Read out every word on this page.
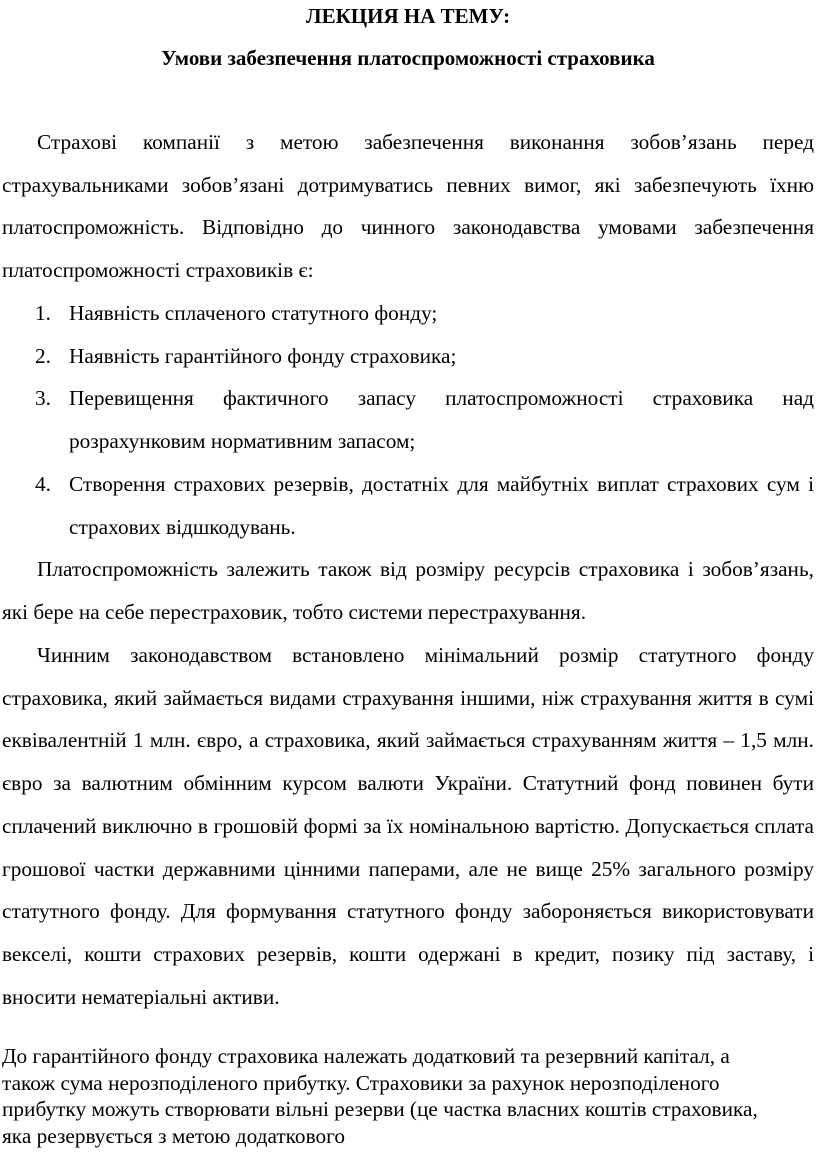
ЛЕКЦИЯ НА ТЕМУ:
Умови забезпечення платоспроможності страховика

Страхові компанії з метою забезпечення виконання зобов’язань перед страхувальниками зобов’язані дотримуватись певних вимог, які забезпечують їхню платоспроможність. Відповідно до чинного законодавства умовами забезпечення платоспроможності страховиків є:

1. Наявність сплаченого статутного фонду;
2. Наявність гарантійного фонду страховика;
3. Перевищення фактичного запасу платоспроможності страховика над розрахунковим нормативним запасом;
4. Створення страхових резервів, достатніх для майбутніх виплат страхових сум і страхових відшкодувань.

Платоспроможність залежить також від розміру ресурсів страховика і зобов’язань, які бере на себе перестраховик, тобто системи перестрахування.

Чинним законодавством встановлено мінімальний розмір статутного фонду страховика, який займається видами страхування іншими, ніж страхування життя в сумі еквівалентній 1 млн. євро, а страховика, який займається страхуванням життя – 1,5 млн. євро за валютним обмінним курсом валюти України. Статутний фонд повинен бути сплачений виключно в грошовій формі за їх номінальною вартістю. Допускається сплата грошової частки державними цінними паперами, але не вище 25% загального розміру статутного фонду. Для формування статутного фонду забороняється використовувати векселі, кошти страхових резервів, кошти одержані в кредит, позику під заставу, і вносити нематеріальні активи.

До гарантійного фонду страховика належать додатковий та резервний капітал, а також сума нерозподіленого прибутку. Страховики за рахунок нерозподіленого прибутку можуть створювати вільні резерви (це частка власних коштів страховика, яка резервується з метою додаткового
